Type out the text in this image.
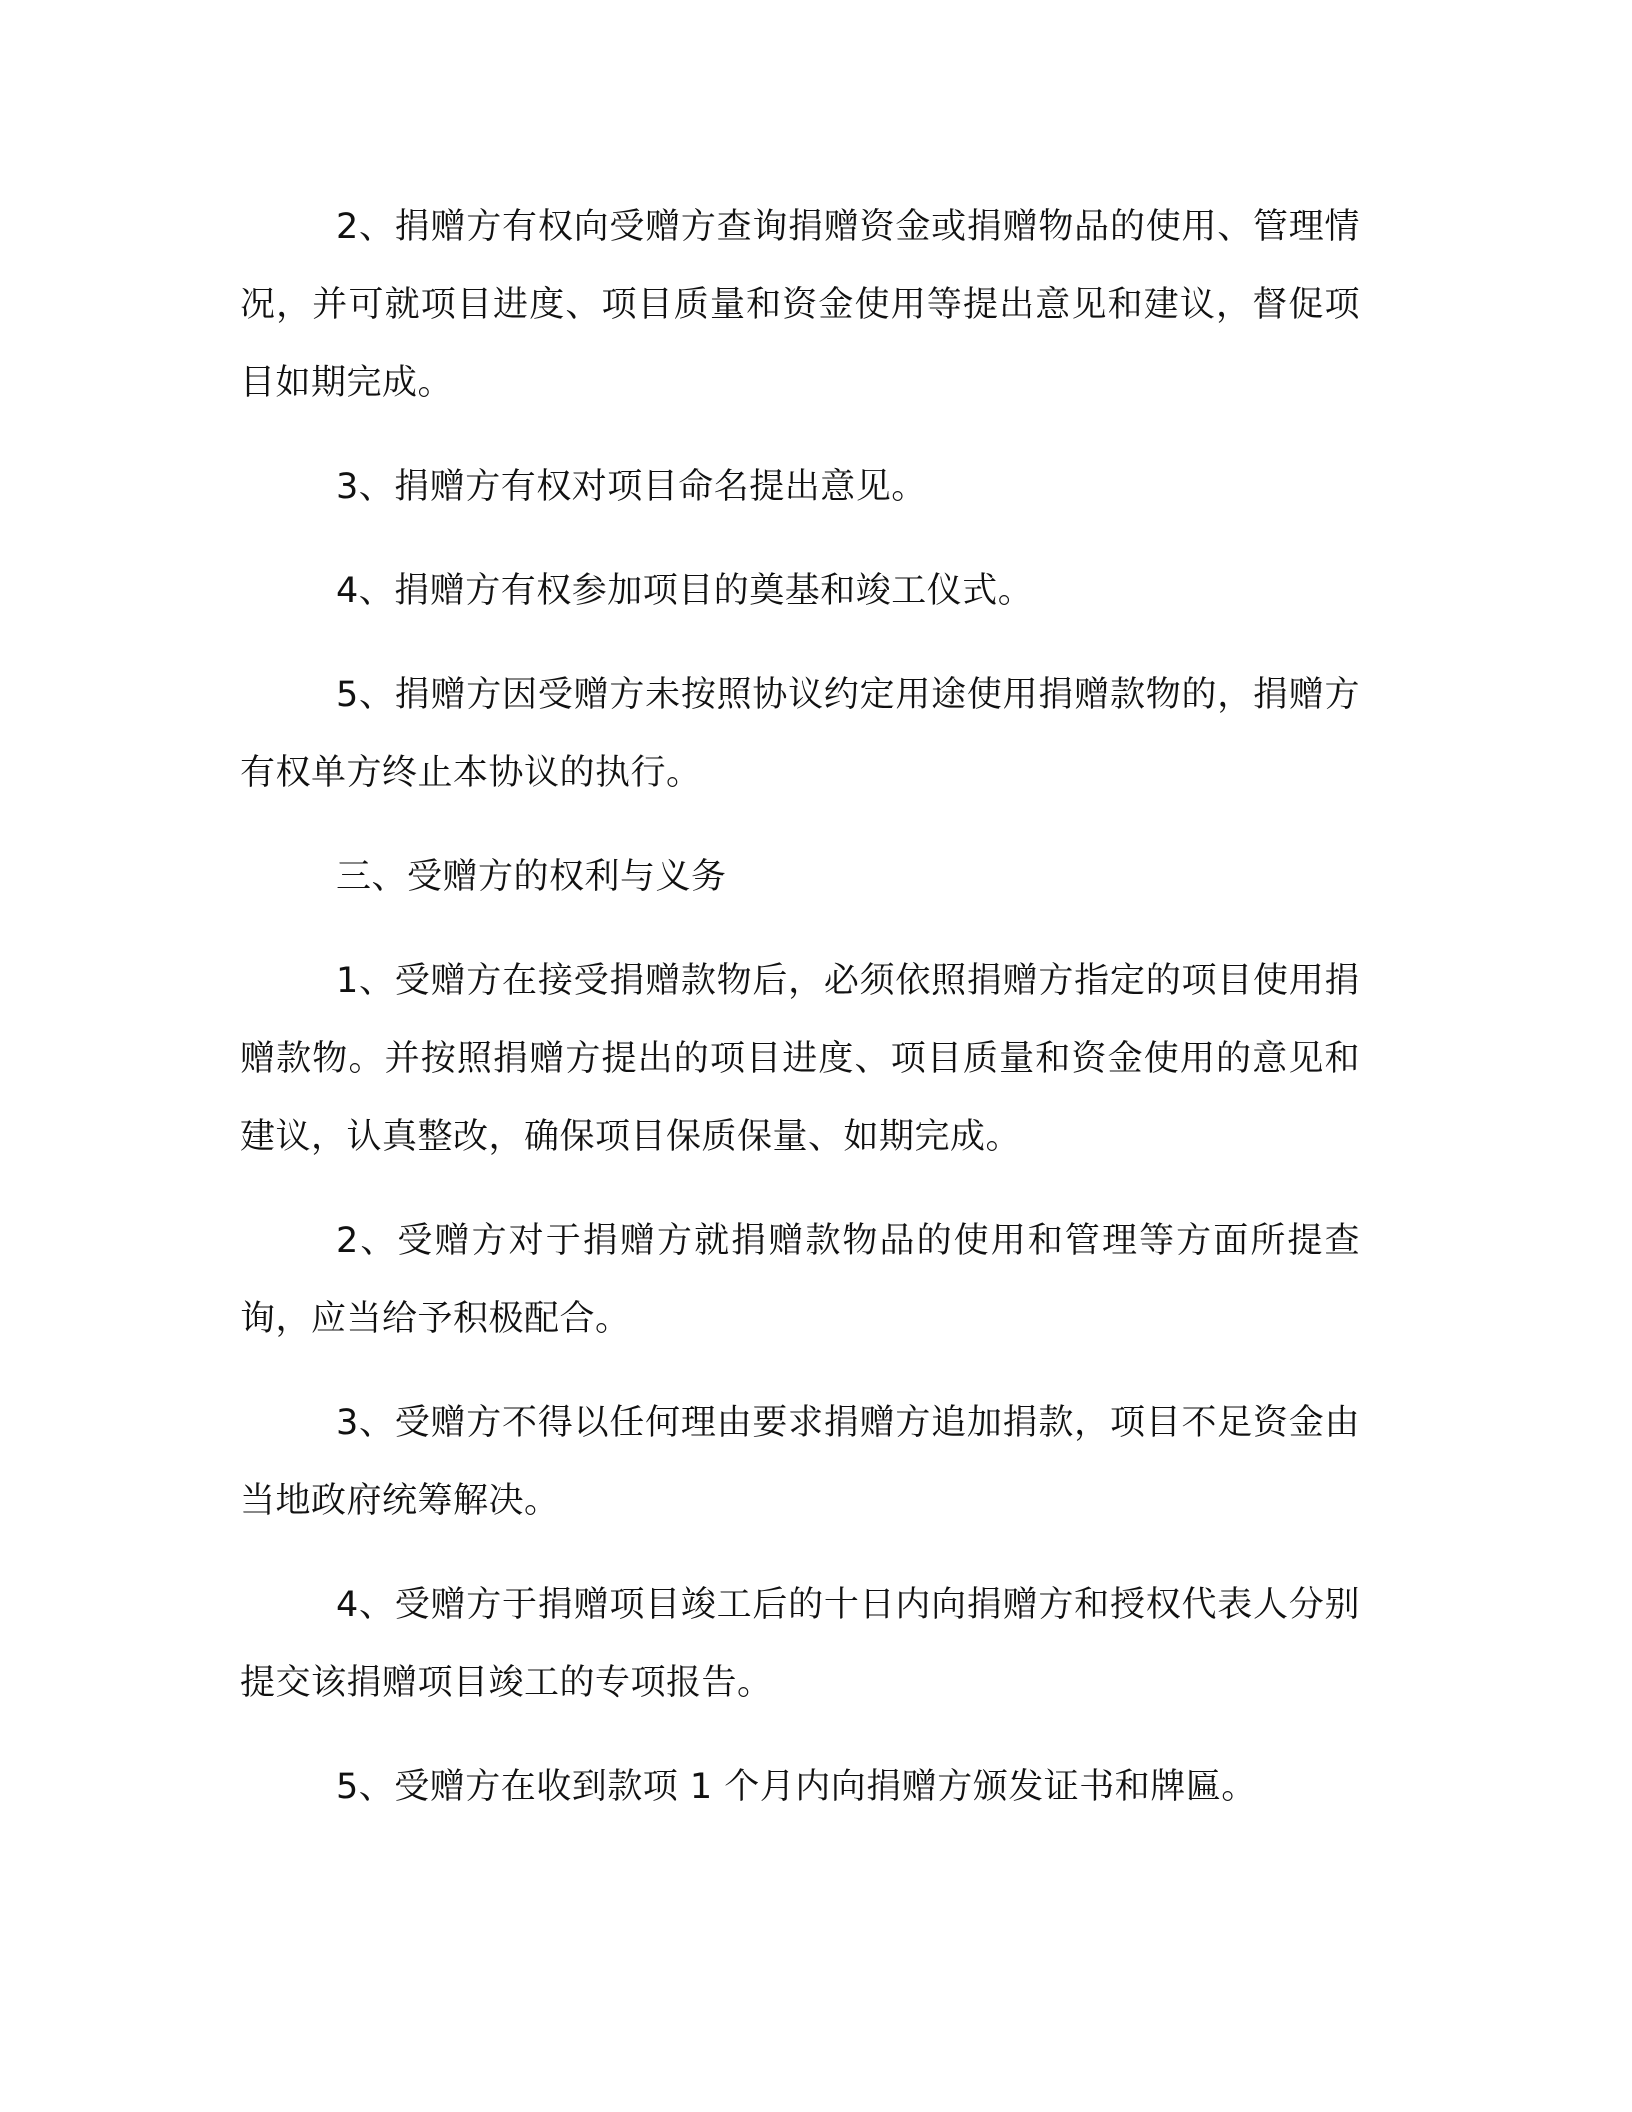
2、捐赠方有权向受赠方查询捐赠资金或捐赠物品的使用、管理情况，并可就项目进度、项目质量和资金使用等提出意见和建议，督促项目如期完成。

3、捐赠方有权对项目命名提出意见。

4、捐赠方有权参加项目的奠基和竣工仪式。

5、捐赠方因受赠方未按照协议约定用途使用捐赠款物的，捐赠方有权单方终止本协议的执行。

三、受赠方的权利与义务

1、受赠方在接受捐赠款物后，必须依照捐赠方指定的项目使用捐赠款物。并按照捐赠方提出的项目进度、项目质量和资金使用的意见和建议，认真整改，确保项目保质保量、如期完成。

2、受赠方对于捐赠方就捐赠款物品的使用和管理等方面所提查询，应当给予积极配合。

3、受赠方不得以任何理由要求捐赠方追加捐款，项目不足资金由当地政府统筹解决。

4、受赠方于捐赠项目竣工后的十日内向捐赠方和授权代表人分别提交该捐赠项目竣工的专项报告。

5、受赠方在收到款项 1 个月内向捐赠方颁发证书和牌匾。
